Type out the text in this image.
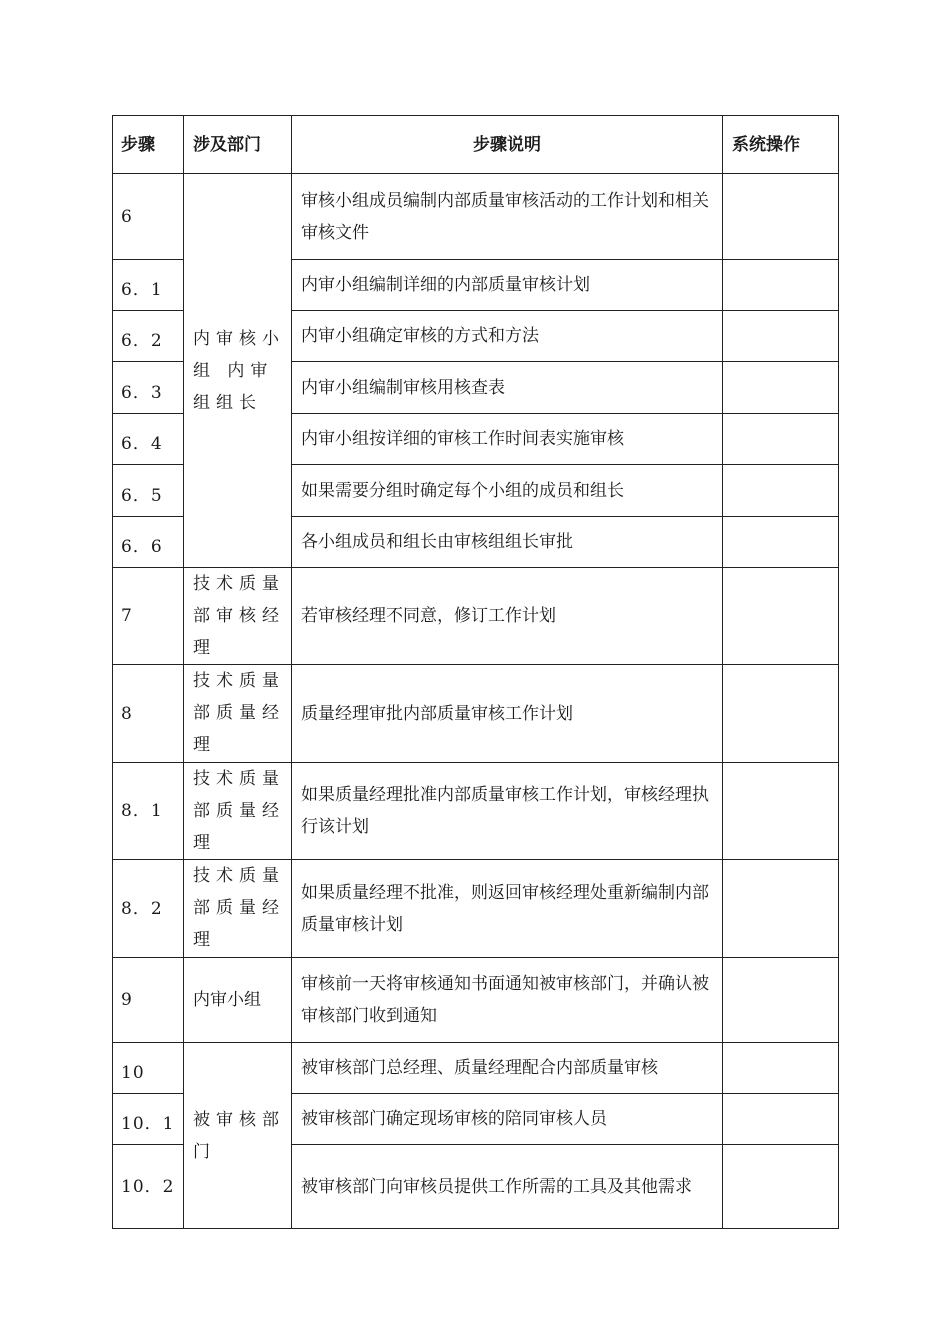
步骤	涉及部门	步骤说明	系统操作
6	内审核小组 内审组组长	审核小组成员编制内部质量审核活动的工作计划和相关审核文件	
6．1		内审小组编制详细的内部质量审核计划	
6．2		内审小组确定审核的方式和方法	
6．3		内审小组编制审核用核查表	
6．4		内审小组按详细的审核工作时间表实施审核	
6．5		如果需要分组时确定每个小组的成员和组长	
6．6		各小组成员和组长由审核组组长审批	
7	技术质量部审核经理	若审核经理不同意，修订工作计划	
8	技术质量部质量经理	质量经理审批内部质量审核工作计划	
8．1	技术质量部质量经理	如果质量经理批准内部质量审核工作计划，审核经理执行该计划	
8．2	技术质量部质量经理	如果质量经理不批准，则返回审核经理处重新编制内部质量审核计划	
9	内审小组	审核前一天将审核通知书面通知被审核部门，并确认被审核部门收到通知	
10	被审核部门	被审核部门总经理、质量经理配合内部质量审核	
10．1		被审核部门确定现场审核的陪同审核人员	
10．2		被审核部门向审核员提供工作所需的工具及其他需求	
